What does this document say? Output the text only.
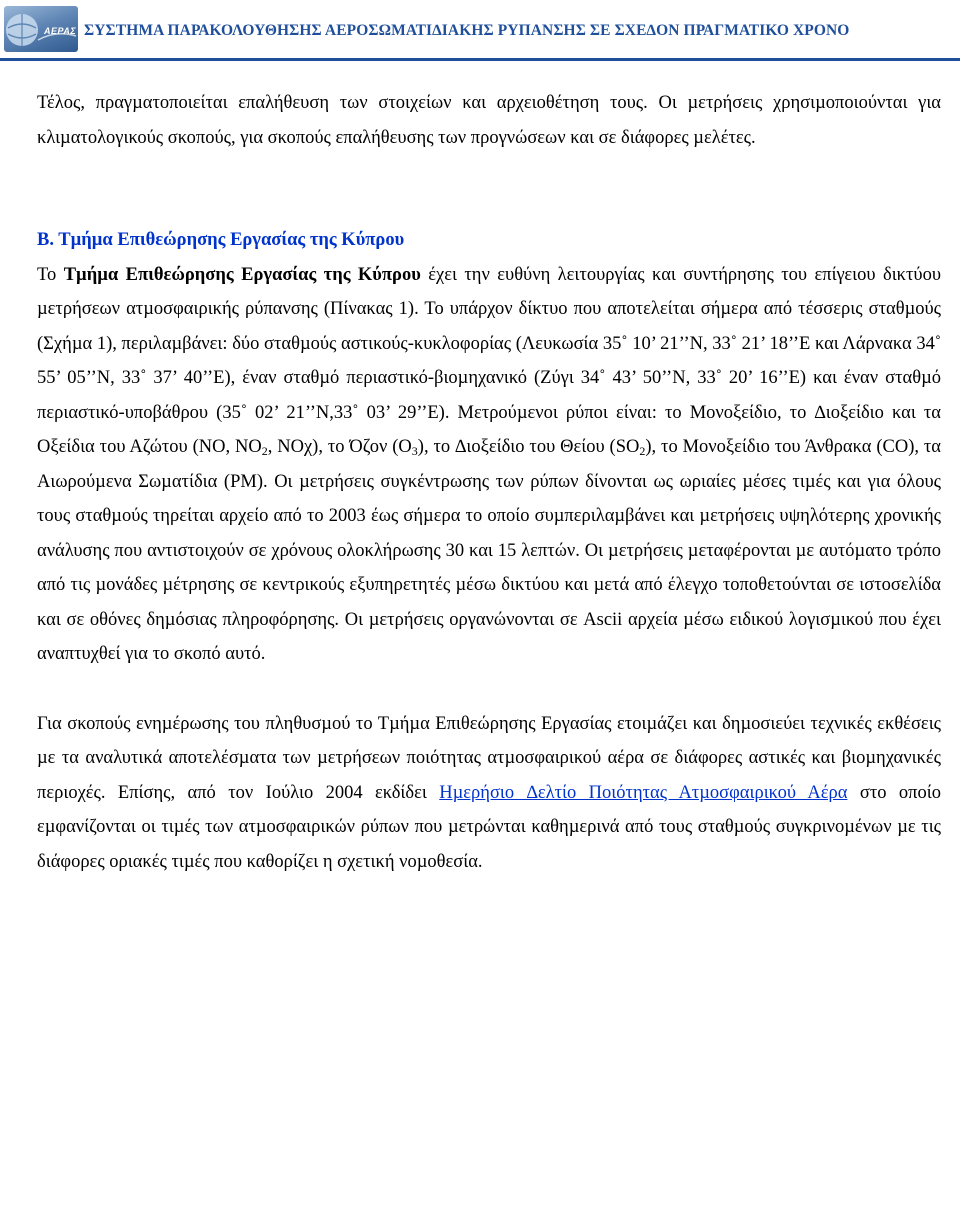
ΑΕΡΑΣ ΣΥΣΤΗΜΑ ΠΑΡΑΚΟΛΟΥΘΗΣΗΣ ΑΕΡΟΣΩΜΑΤΙ∆ΙΑΚΗΣ ΡΥΠΑΝΣΗΣ ΣΕ ΣΧΕ∆ΟΝ ΠΡΑΓΜΑΤΙΚΟ ΧΡΟΝΟ

Τέλος, πραγµατοποιείται επαλήθευση των στοιχείων και αρχειοθέτηση τους. Οι µετρήσεις χρησιµοποιούνται για κλιµατολογικούς σκοπούς, για σκοπούς επαλήθευσης των προγνώσεων και σε διάφορες µελέτες.

Β. Τµήµα Επιθεώρησης Εργασίας της Κύπρου

Το Τµήµα Επιθεώρησης Εργασίας της Κύπρου έχει την ευθύνη λειτουργίας και συντήρησης του επίγειου δικτύου µετρήσεων ατµοσφαιρικής ρύπανσης (Πίνακας 1). Το υπάρχον δίκτυο που αποτελείται σήµερα από τέσσερις σταθµούς (Σχήµα 1), περιλαµβάνει: δύο σταθµούς αστικούς-κυκλοφορίας (Λευκωσία 35˚ 10’ 21’’N, 33˚ 21’ 18’’E και Λάρνακα 34˚ 55’ 05’’N, 33˚ 37’ 40’’E), έναν σταθµό περιαστικό-βιοµηχανικό (Ζύγι 34˚ 43’ 50’’N, 33˚ 20’ 16’’E) και έναν σταθµό περιαστικό-υποβάθρου (35˚ 02’ 21’’N,33˚ 03’ 29’’E). Μετρούµενοι ρύποι είναι: το Μονοξείδιο, το ∆ιοξείδιο και τα Οξείδια του Αζώτου (NO, $NO_2$, NOχ), το Όζον $(O_3)$, το ∆ιοξείδιο του Θείου $(SO_2)$, το Μονοξείδιο του Άνθρακα (CO), τα Αιωρούµενα Σωµατίδια (PM). Οι µετρήσεις συγκέντρωσης των ρύπων δίνονται ως ωριαίες µέσες τιµές και για όλους τους σταθµούς τηρείται αρχείο από το 2003 έως σήµερα το οποίο συµπεριλαµβάνει και µετρήσεις υψηλότερης χρονικής ανάλυσης που αντιστοιχούν σε χρόνους ολοκλήρωσης 30 και 15 λεπτών. Οι µετρήσεις µεταφέρονται µε αυτόµατο τρόπο από τις µονάδες µέτρησης σε κεντρικούς εξυπηρετητές µέσω δικτύου και µετά από έλεγχο τοποθετούνται σε ιστοσελίδα και σε οθόνες δηµόσιας πληροφόρησης. Οι µετρήσεις οργανώνονται σε Ascii αρχεία µέσω ειδικού λογισµικού που έχει αναπτυχθεί για το σκοπό αυτό.

Για σκοπούς ενηµέρωσης του πληθυσµού το Τµήµα Επιθεώρησης Εργασίας ετοιµάζει και δηµοσιεύει τεχνικές εκθέσεις µε τα αναλυτικά αποτελέσµατα των µετρήσεων ποιότητας ατµοσφαιρικού αέρα σε διάφορες αστικές και βιοµηχανικές περιοχές. Επίσης, από τον Ιούλιο 2004 εκδίδει Ηµερήσιο ∆ελτίο Ποιότητας Ατµοσφαιρικού Αέρα στο οποίο εµφανίζονται οι τιµές των ατµοσφαιρικών ρύπων που µετρώνται καθηµερινά από τους σταθµούς συγκρινοµένων µε τις διάφορες οριακές τιµές που καθορίζει η σχετική νοµοθεσία.
